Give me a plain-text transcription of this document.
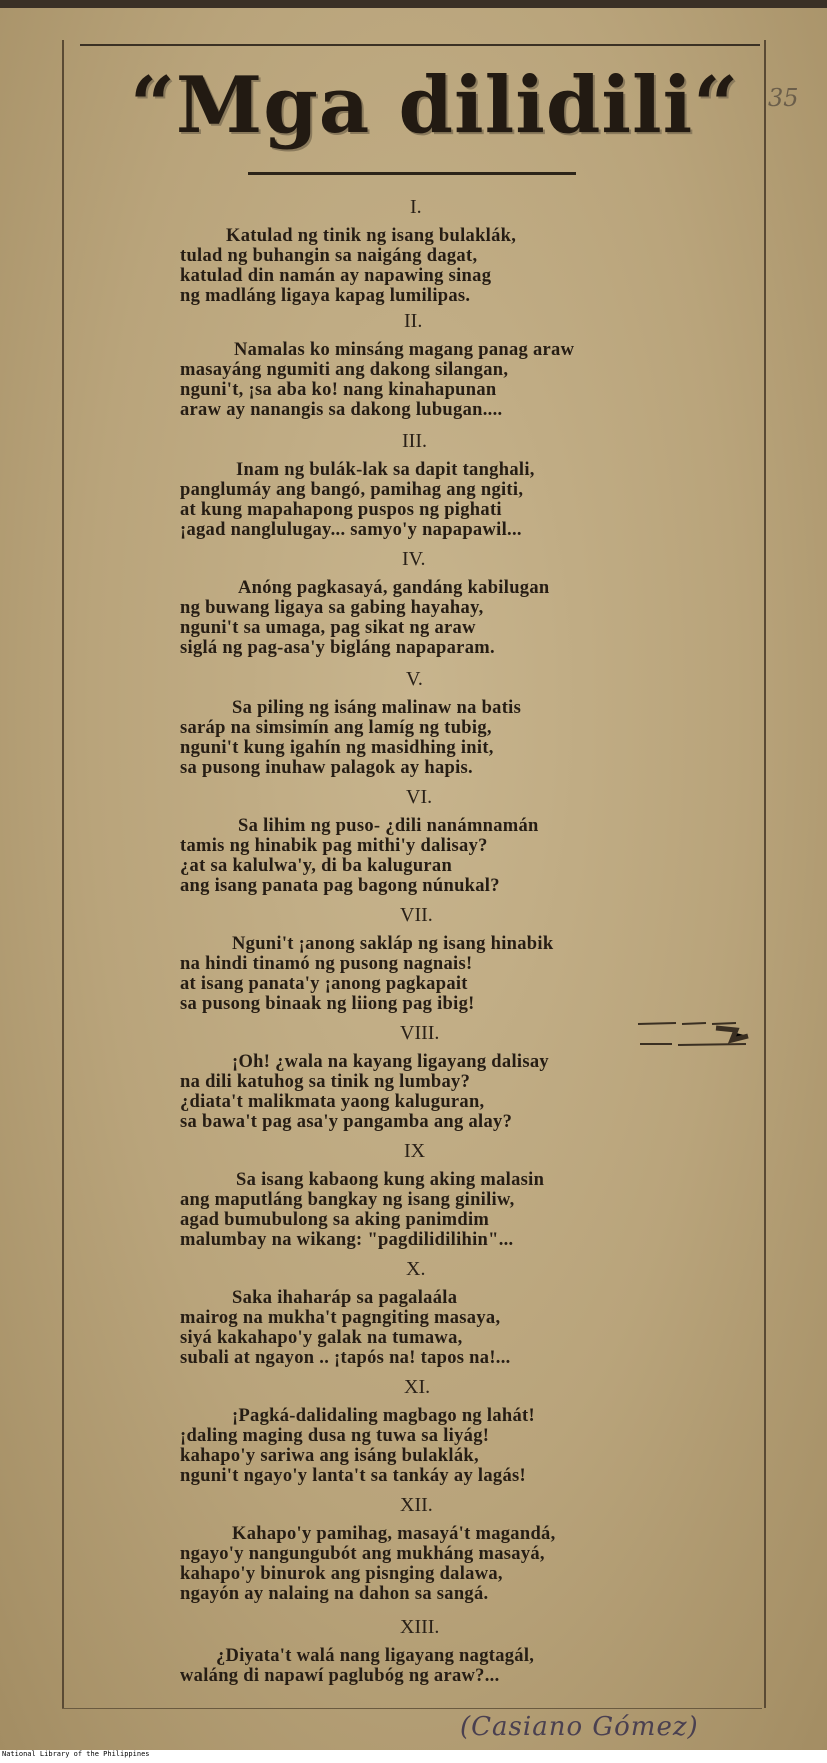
“Mga dilidili“ 35
I.
Katulad ng tinik ng isang bulaklák,
tulad ng buhangin sa naigáng dagat,
katulad din namán ay napawing sinag
ng madláng ligaya kapag lumilipas.
II.
Namalas ko minsáng magang panag araw
masayáng ngumiti ang dakong silangan,
nguni't, ¡sa aba ko! nang kinahapunan
araw ay nanangis sa dakong lubugan....
III.
Inam ng bulák-lak sa dapit tanghali,
panglumáy ang bangó, pamihag ang ngiti,
at kung mapahapong puspos ng pighati
¡agad nanglulugay... samyo'y napapawil...
IV.
Anóng pagkasayá, gandáng kabilugan
ng buwang ligaya sa gabing hayahay,
nguni't sa umaga, pag sikat ng araw
siglá ng pag-asa'y bigláng napaparam.
V.
Sa piling ng isáng malinaw na batis
saráp na simsimín ang lamíg ng tubig,
nguni't kung igahín ng masidhing init,
sa pusong inuhaw palagok ay hapis.
VI.
Sa lihim ng puso- ¿dili nanámnamán
tamis ng hinabik pag mithi'y dalisay?
¿at sa kalulwa'y, di ba kaluguran
ang isang panata pag bagong núnukal?
VII.
Nguni't ¡anong sakláp ng isang hinabik
na hindi tinamó ng pusong nagnais!
at isang panata'y ¡anong pagkapait
sa pusong binaak ng liiong pag ibig!
VIII.
¡Oh! ¿wala na kayang ligayang dalisay
na dili katuhog sa tinik ng lumbay?
¿diata't malikmata yaong kaluguran,
sa bawa't pag asa'y pangamba ang alay?
IX
Sa isang kabaong kung aking malasin
ang maputláng bangkay ng isang giniliw,
agad bumubulong sa aking panimdim
malumbay na wikang: "pagdilidilihin"...
X.
Saka ihaharáp sa pagalaála
mairog na mukha't pagngiting masaya,
siyá kakahapo'y galak na tumawa,
subali at ngayon .. ¡tapós na! tapos na!...
XI.
¡Pagká-dalidaling magbago ng lahát!
¡daling maging dusa ng tuwa sa liyág!
kahapo'y sariwa ang isáng bulaklák,
nguni't ngayo'y lanta't sa tankáy ay lagás!
XII.
Kahapo'y pamihag, masayá't magandá,
ngayo'y nangungubót ang mukháng masayá,
kahapo'y binurok ang pisnging dalawa,
ngayón ay nalaing na dahon sa sangá.
XIII.
¿Diyata't walá nang ligayang nagtagál,
waláng di napawí paglubóg ng araw?...
(Casiano Gómez)
National Library of the Philippines
